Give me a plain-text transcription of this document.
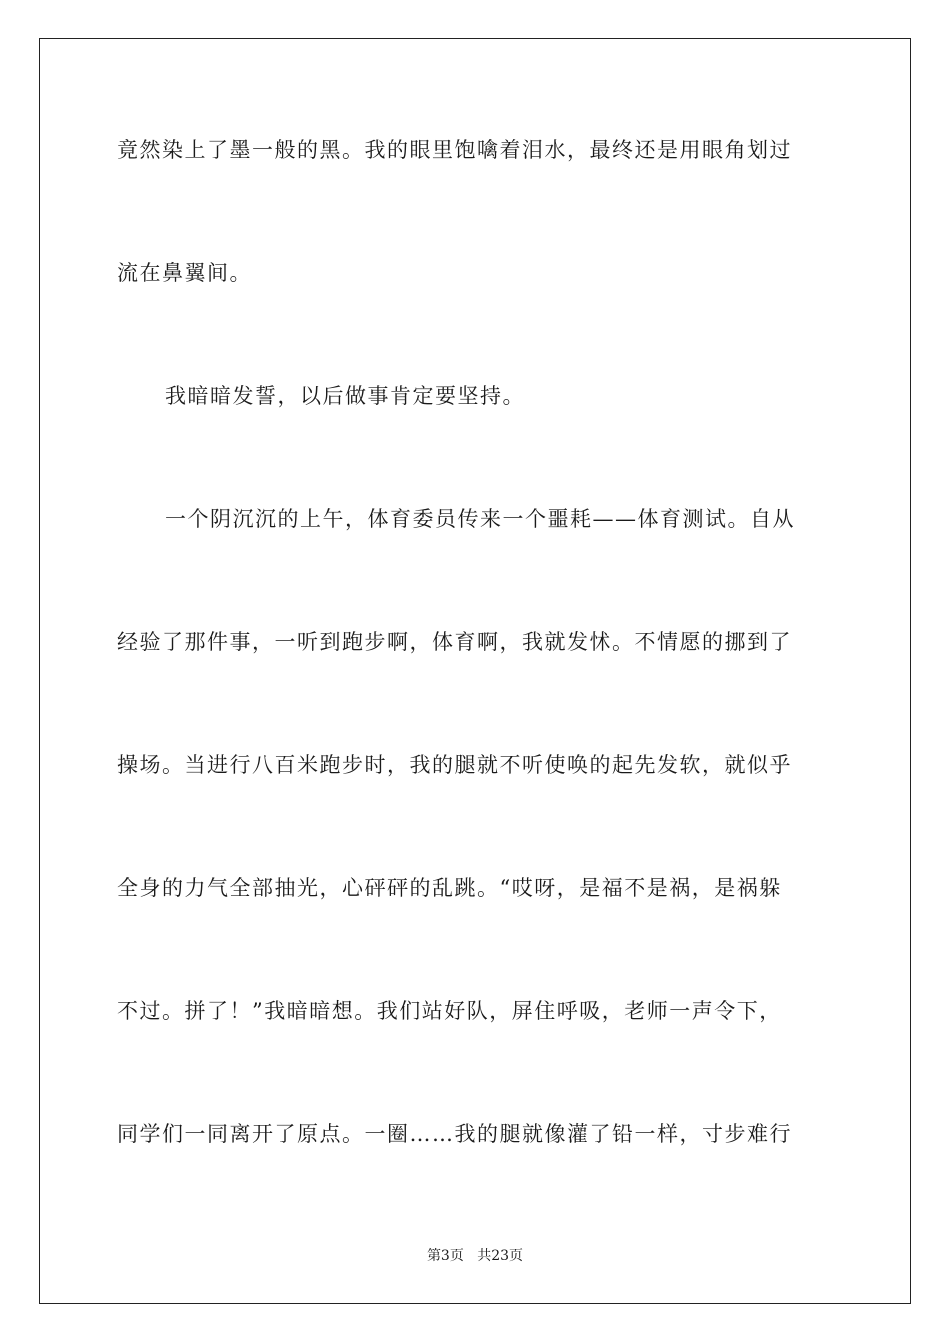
竟然染上了墨一般的黑。我的眼里饱噙着泪水，最终还是用眼角划过
流在鼻翼间。
我暗暗发誓，以后做事肯定要坚持。
一个阴沉沉的上午，体育委员传来一个噩耗——体育测试。自从
经验了那件事，一听到跑步啊，体育啊，我就发怵。不情愿的挪到了
操场。当进行八百米跑步时，我的腿就不听使唤的起先发软，就似乎
全身的力气全部抽光，心砰砰的乱跳。“哎呀，是福不是祸，是祸躲
不过。拼了！”我暗暗想。我们站好队，屏住呼吸，老师一声令下，
同学们一同离开了原点。一圈……我的腿就像灌了铅一样，寸步难行
第3页 共23页
